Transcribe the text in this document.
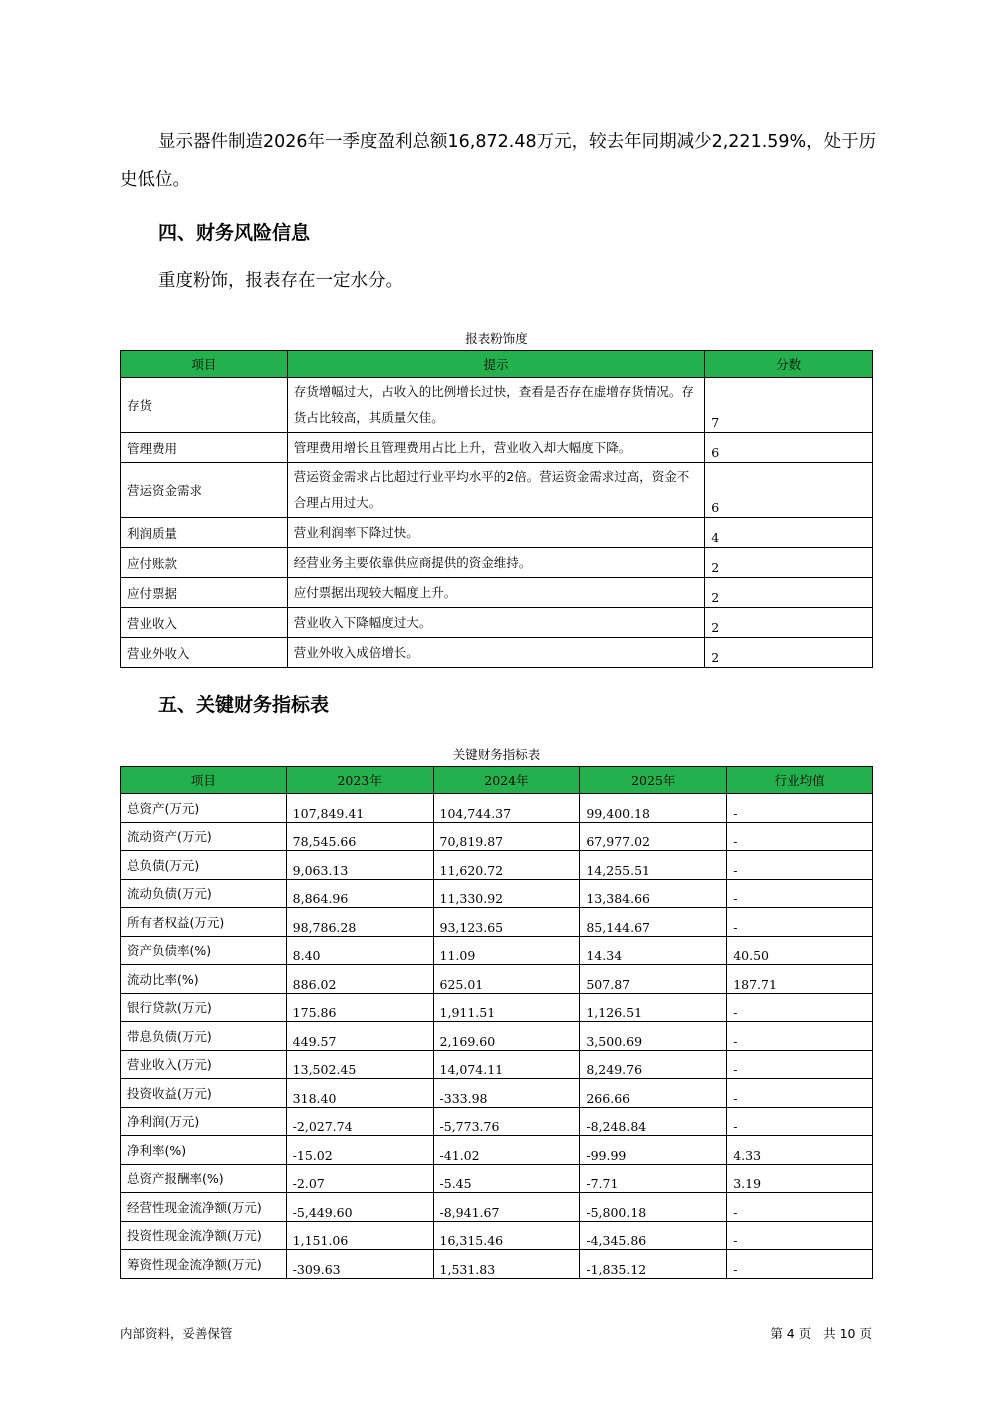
显示器件制造2026年一季度盈利总额16,872.48万元，较去年同期减少2,221.59%，处于历史低位。

四、财务风险信息

重度粉饰，报表存在一定水分。

报表粉饰度

项目	提示	分数
存货	存货增幅过大，占收入的比例增长过快，查看是否存在虚增存货情况。存货占比较高，其质量欠佳。	7
管理费用	管理费用增长且管理费用占比上升，营业收入却大幅度下降。	6
营运资金需求	营运资金需求占比超过行业平均水平的2倍。营运资金需求过高，资金不合理占用过大。	6
利润质量	营业利润率下降过快。	4
应付账款	经营业务主要依靠供应商提供的资金维持。	2
应付票据	应付票据出现较大幅度上升。	2
营业收入	营业收入下降幅度过大。	2
营业外收入	营业外收入成倍增长。	2
五、关键财务指标表

关键财务指标表

项目	2023年	2024年	2025年	行业均值
总资产(万元)	107,849.41	104,744.37	99,400.18	-
流动资产(万元)	78,545.66	70,819.87	67,977.02	-
总负债(万元)	9,063.13	11,620.72	14,255.51	-
流动负债(万元)	8,864.96	11,330.92	13,384.66	-
所有者权益(万元)	98,786.28	93,123.65	85,144.67	-
资产负债率(%)	8.40	11.09	14.34	40.50
流动比率(%)	886.02	625.01	507.87	187.71
银行贷款(万元)	175.86	1,911.51	1,126.51	-
带息负债(万元)	449.57	2,169.60	3,500.69	-
营业收入(万元)	13,502.45	14,074.11	8,249.76	-
投资收益(万元)	318.40	-333.98	266.66	-
净利润(万元)	-2,027.74	-5,773.76	-8,248.84	-
净利率(%)	-15.02	-41.02	-99.99	4.33
总资产报酬率(%)	-2.07	-5.45	-7.71	3.19
经营性现金流净额(万元)	-5,449.60	-8,941.67	-5,800.18	-
投资性现金流净额(万元)	1,151.06	16,315.46	-4,345.86	-
筹资性现金流净额(万元)	-309.63	1,531.83	-1,835.12	-
内部资料，妥善保管	第 4 页   共 10 页
